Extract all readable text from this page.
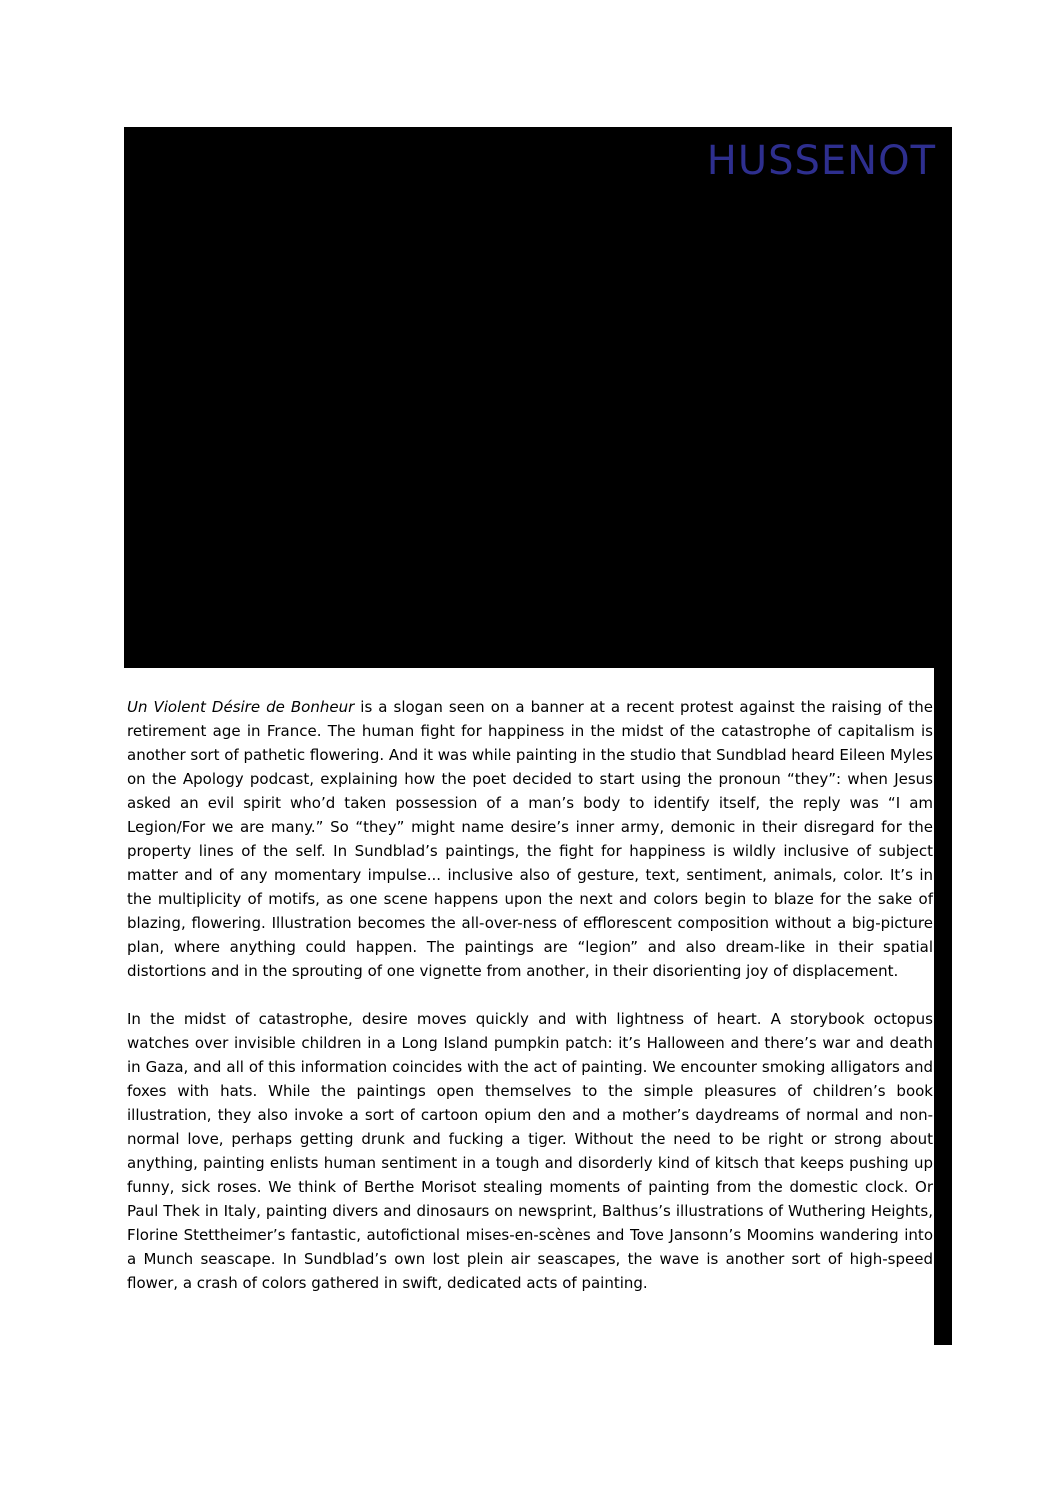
HUSSENOT

Un Violent Désire de Bonheur is a slogan seen on a banner at a recent protest against the raising of the retirement age in France. The human fight for happiness in the midst of the catastrophe of capitalism is another sort of pathetic flowering. And it was while painting in the studio that Sundblad heard Eileen Myles on the Apology podcast, explaining how the poet decided to start using the pronoun “they”: when Jesus asked an evil spirit who’d taken possession of a man’s body to identify itself, the reply was “I am Legion/For we are many.” So “they” might name desire’s inner army, demonic in their disregard for the property lines of the self. In Sundblad’s paintings, the fight for happiness is wildly inclusive of subject matter and of any momentary impulse... inclusive also of gesture, text, sentiment, animals, color. It’s in the multiplicity of motifs, as one scene happens upon the next and colors begin to blaze for the sake of blazing, flowering. Illustration becomes the all-over-ness of efflorescent composition without a big-picture plan, where anything could happen. The paintings are “legion” and also dream-like in their spatial distortions and in the sprouting of one vignette from another, in their disorienting joy of displacement.

In the midst of catastrophe, desire moves quickly and with lightness of heart. A storybook octopus watches over invisible children in a Long Island pumpkin patch: it’s Halloween and there’s war and death in Gaza, and all of this information coincides with the act of painting. We encounter smoking alligators and foxes with hats. While the paintings open themselves to the simple pleasures of children’s book illustration, they also invoke a sort of cartoon opium den and a mother’s daydreams of normal and non-normal love, perhaps getting drunk and fucking a tiger. Without the need to be right or strong about anything, painting enlists human sentiment in a tough and disorderly kind of kitsch that keeps pushing up funny, sick roses. We think of Berthe Morisot stealing moments of painting from the domestic clock. Or Paul Thek in Italy, painting divers and dinosaurs on newsprint, Balthus’s illustrations of Wuthering Heights, Florine Stettheimer’s fantastic, autofictional mises-en-scènes and Tove Jansonn’s Moomins wandering into a Munch seascape. In Sundblad’s own lost plein air seascapes, the wave is another sort of high-speed flower, a crash of colors gathered in swift, dedicated acts of painting.
